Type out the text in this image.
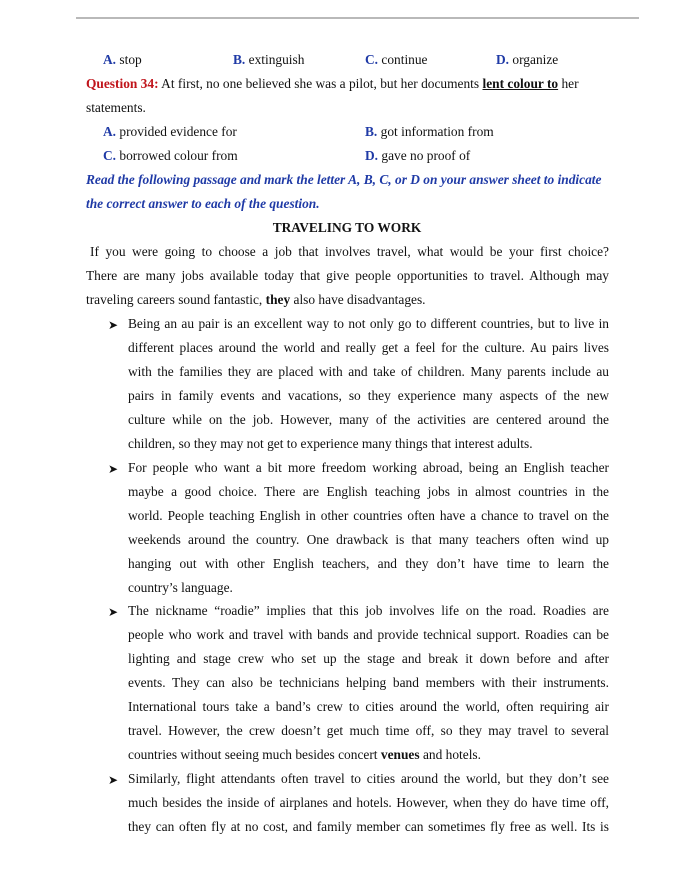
A. stop	B. extinguish	C. continue	D. organize
Question 34: At first, no one believed she was a pilot, but her documents lent colour to her
statements.
A. provided evidence for	B. got information from
C. borrowed colour from	D. gave no proof of
Read the following passage and mark the letter A, B, C, or D on your answer sheet to indicate
the correct answer to each of the question.
TRAVELING TO WORK
If you were going to choose a job that involves travel, what would be your first choice?
There are many jobs available today that give people opportunities to travel. Although may
traveling careers sound fantastic, they also have disadvantages.
➤ Being an au pair is an excellent way to not only go to different countries, but to live in
different places around the world and really get a feel for the culture. Au pairs lives
with the families they are placed with and take of children. Many parents include au
pairs in family events and vacations, so they experience many aspects of the new
culture while on the job. However, many of the activities are centered around the
children, so they may not get to experience many things that interest adults.
➤ For people who want a bit more freedom working abroad, being an English teacher
maybe a good choice. There are English teaching jobs in almost countries in the
world. People teaching English in other countries often have a chance to travel on the
weekends around the country. One drawback is that many teachers often wind up
hanging out with other English teachers, and they don’t have time to learn the
country’s language.
➤ The nickname “roadie” implies that this job involves life on the road. Roadies are
people who work and travel with bands and provide technical support. Roadies can be
lighting and stage crew who set up the stage and break it down before and after
events. They can also be technicians helping band members with their instruments.
International tours take a band’s crew to cities around the world, often requiring air
travel. However, the crew doesn’t get much time off, so they may travel to several
countries without seeing much besides concert venues and hotels.
➤ Similarly, flight attendants often travel to cities around the world, but they don’t see
much besides the inside of airplanes and hotels. However, when they do have time off,
they can often fly at no cost, and family member can sometimes fly free as well. Its is
